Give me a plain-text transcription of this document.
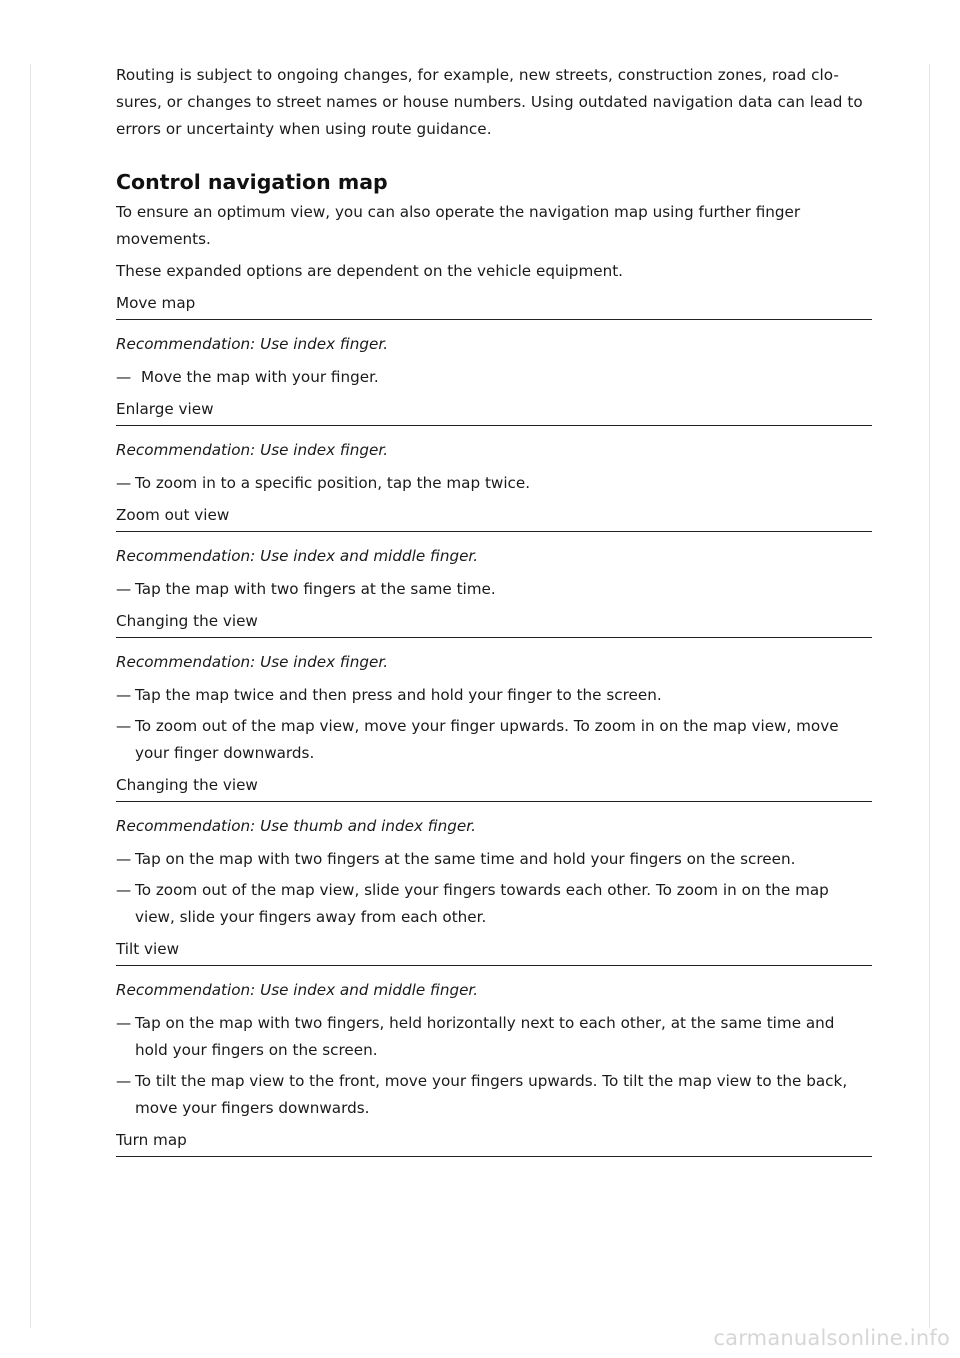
Routing is subject to ongoing changes, for example, new streets, construction zones, road clo-sures, or changes to street names or house numbers. Using outdated navigation data can lead to errors or uncertainty when using route guidance.

Control navigation map

To ensure an optimum view, you can also operate the navigation map using further finger movements.

These expanded options are dependent on the vehicle equipment.

Move map
Recommendation: Use index finger.
— Move the map with your finger.
Enlarge view
Recommendation: Use index finger.
— To zoom in to a specific position, tap the map twice.
Zoom out view
Recommendation: Use index and middle finger.
— Tap the map with two fingers at the same time.
Changing the view
Recommendation: Use index finger.
— Tap the map twice and then press and hold your finger to the screen.
— To zoom out of the map view, move your finger upwards. To zoom in on the map view, move your finger downwards.
Changing the view
Recommendation: Use thumb and index finger.
— Tap on the map with two fingers at the same time and hold your fingers on the screen.
— To zoom out of the map view, slide your fingers towards each other. To zoom in on the map view, slide your fingers away from each other.
Tilt view
Recommendation: Use index and middle finger.
— Tap on the map with two fingers, held horizontally next to each other, at the same time and hold your fingers on the screen.
— To tilt the map view to the front, move your fingers upwards. To tilt the map view to the back, move your fingers downwards.
Turn map
carmanualsonline.info
